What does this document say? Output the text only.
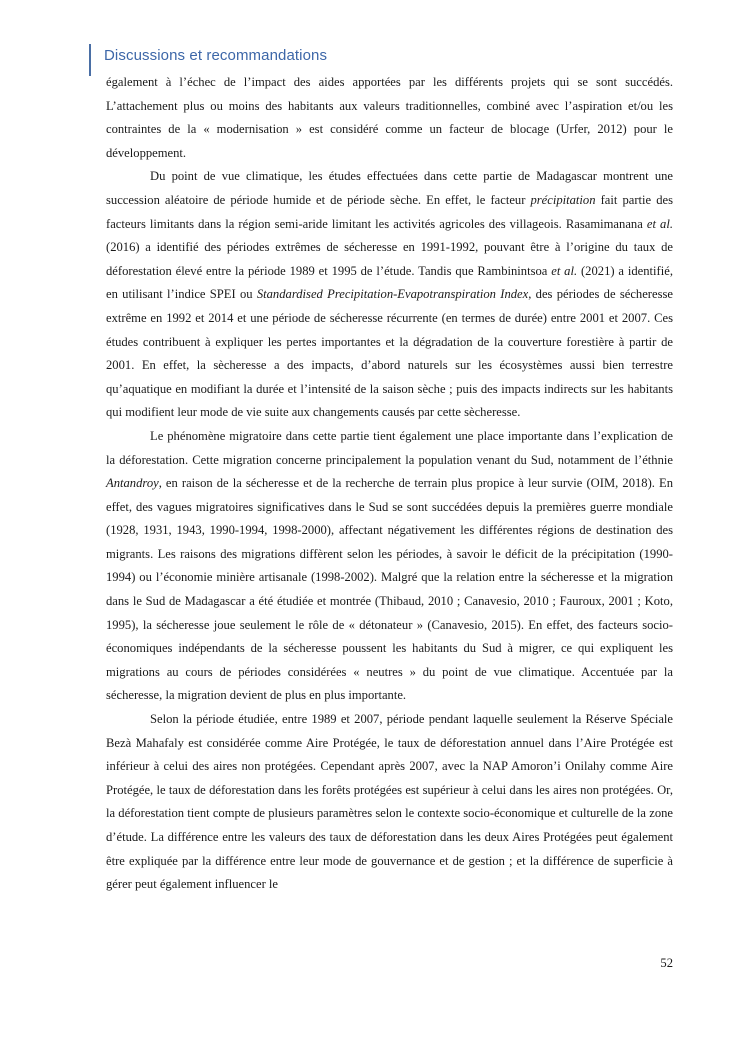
Discussions et recommandations

également à l’échec de l’impact des aides apportées par les différents projets qui se sont succédés. L’attachement plus ou moins des habitants aux valeurs traditionnelles, combiné avec l’aspiration et/ou les contraintes de la « modernisation » est considéré comme un facteur de blocage (Urfer, 2012) pour le développement.

Du point de vue climatique, les études effectuées dans cette partie de Madagascar montrent une succession aléatoire de période humide et de période sèche. En effet, le facteur précipitation fait partie des facteurs limitants dans la région semi-aride limitant les activités agricoles des villageois. Rasamimanana et al. (2016) a identifié des périodes extrêmes de sécheresse en 1991-1992, pouvant être à l’origine du taux de déforestation élevé entre la période 1989 et 1995 de l’étude. Tandis que Rambinintsoa et al. (2021) a identifié, en utilisant l’indice SPEI ou Standardised Precipitation-Evapotranspiration Index, des périodes de sécheresse extrême en 1992 et 2014 et une période de sécheresse récurrente (en termes de durée) entre 2001 et 2007. Ces études contribuent à expliquer les pertes importantes et la dégradation de la couverture forestière à partir de 2001. En effet, la sècheresse a des impacts, d’abord naturels sur les écosystèmes aussi bien terrestre qu’aquatique en modifiant la durée et l’intensité de la saison sèche ; puis des impacts indirects sur les habitants qui modifient leur mode de vie suite aux changements causés par cette sècheresse.

Le phénomène migratoire dans cette partie tient également une place importante dans l’explication de la déforestation. Cette migration concerne principalement la population venant du Sud, notamment de l’éthnie Antandroy, en raison de la sécheresse et de la recherche de terrain plus propice à leur survie (OIM, 2018). En effet, des vagues migratoires significatives dans le Sud se sont succédées depuis la premières guerre mondiale (1928, 1931, 1943, 1990-1994, 1998-2000), affectant négativement les différentes régions de destination des migrants. Les raisons des migrations diffèrent selon les périodes, à savoir le déficit de la précipitation (1990-1994) ou l’économie minière artisanale (1998-2002). Malgré que la relation entre la sécheresse et la migration dans le Sud de Madagascar a été étudiée et montrée (Thibaud, 2010 ; Canavesio, 2010 ; Fauroux, 2001 ; Koto, 1995), la sécheresse joue seulement le rôle de « détonateur » (Canavesio, 2015). En effet, des facteurs socio-économiques indépendants de la sécheresse poussent les habitants du Sud à migrer, ce qui expliquent les migrations au cours de périodes considérées « neutres » du point de vue climatique. Accentuée par la sécheresse, la migration devient de plus en plus importante.

Selon la période étudiée, entre 1989 et 2007, période pendant laquelle seulement la Réserve Spéciale Bezà Mahafaly est considérée comme Aire Protégée, le taux de déforestation annuel dans l’Aire Protégée est inférieur à celui des aires non protégées. Cependant après 2007, avec la NAP Amoron’i Onilahy comme Aire Protégée, le taux de déforestation dans les forêts protégées est supérieur à celui dans les aires non protégées. Or, la déforestation tient compte de plusieurs paramètres selon le contexte socio-économique et culturelle de la zone d’étude. La différence entre les valeurs des taux de déforestation dans les deux Aires Protégées peut également être expliquée par la différence entre leur mode de gouvernance et de gestion ; et la différence de superficie à gérer peut également influencer le

52
